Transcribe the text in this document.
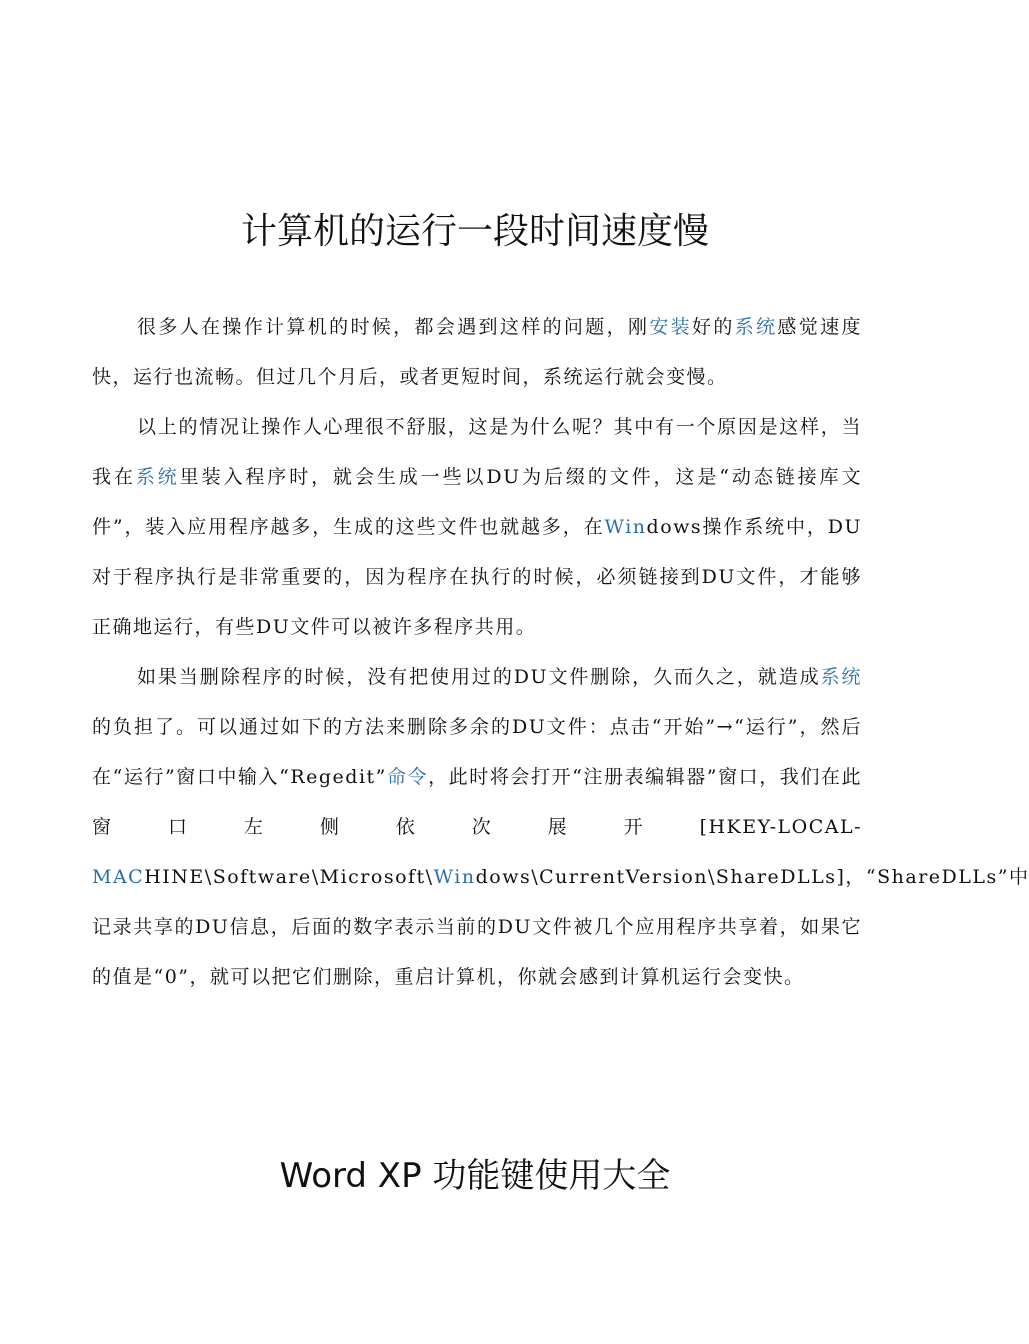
计算机的运行一段时间速度慢

很多人在操作计算机的时候，都会遇到这样的问题，刚安装好的系统感觉速度快，运行也流畅。但过几个月后，或者更短时间，系统运行就会变慢。

以上的情况让操作人心理很不舒服，这是为什么呢？其中有一个原因是这样，当我在系统里装入程序时，就会生成一些以DU为后缀的文件，这是“动态链接库文件”，装入应用程序越多，生成的这些文件也就越多，在Windows操作系统中，DU对于程序执行是非常重要的，因为程序在执行的时候，必须链接到DU文件，才能够正确地运行，有些DU文件可以被许多程序共用。

如果当删除程序的时候，没有把使用过的DU文件删除，久而久之，就造成系统的负担了。可以通过如下的方法来删除多余的DU文件：点击“开始”→“运行”，然后在“运行”窗口中输入“Regedit”命令，此时将会打开“注册表编辑器”窗口，我们在此窗口左侧依次展开[HKEY-LOCAL-MACHINE\Software\Microsoft\Windows\CurrentVersion\ShareDLLs]，“ShareDLLs”中记录共享的DU信息，后面的数字表示当前的DU文件被几个应用程序共享着，如果它的值是“0”，就可以把它们删除，重启计算机，你就会感到计算机运行会变快。

Word XP 功能键使用大全
